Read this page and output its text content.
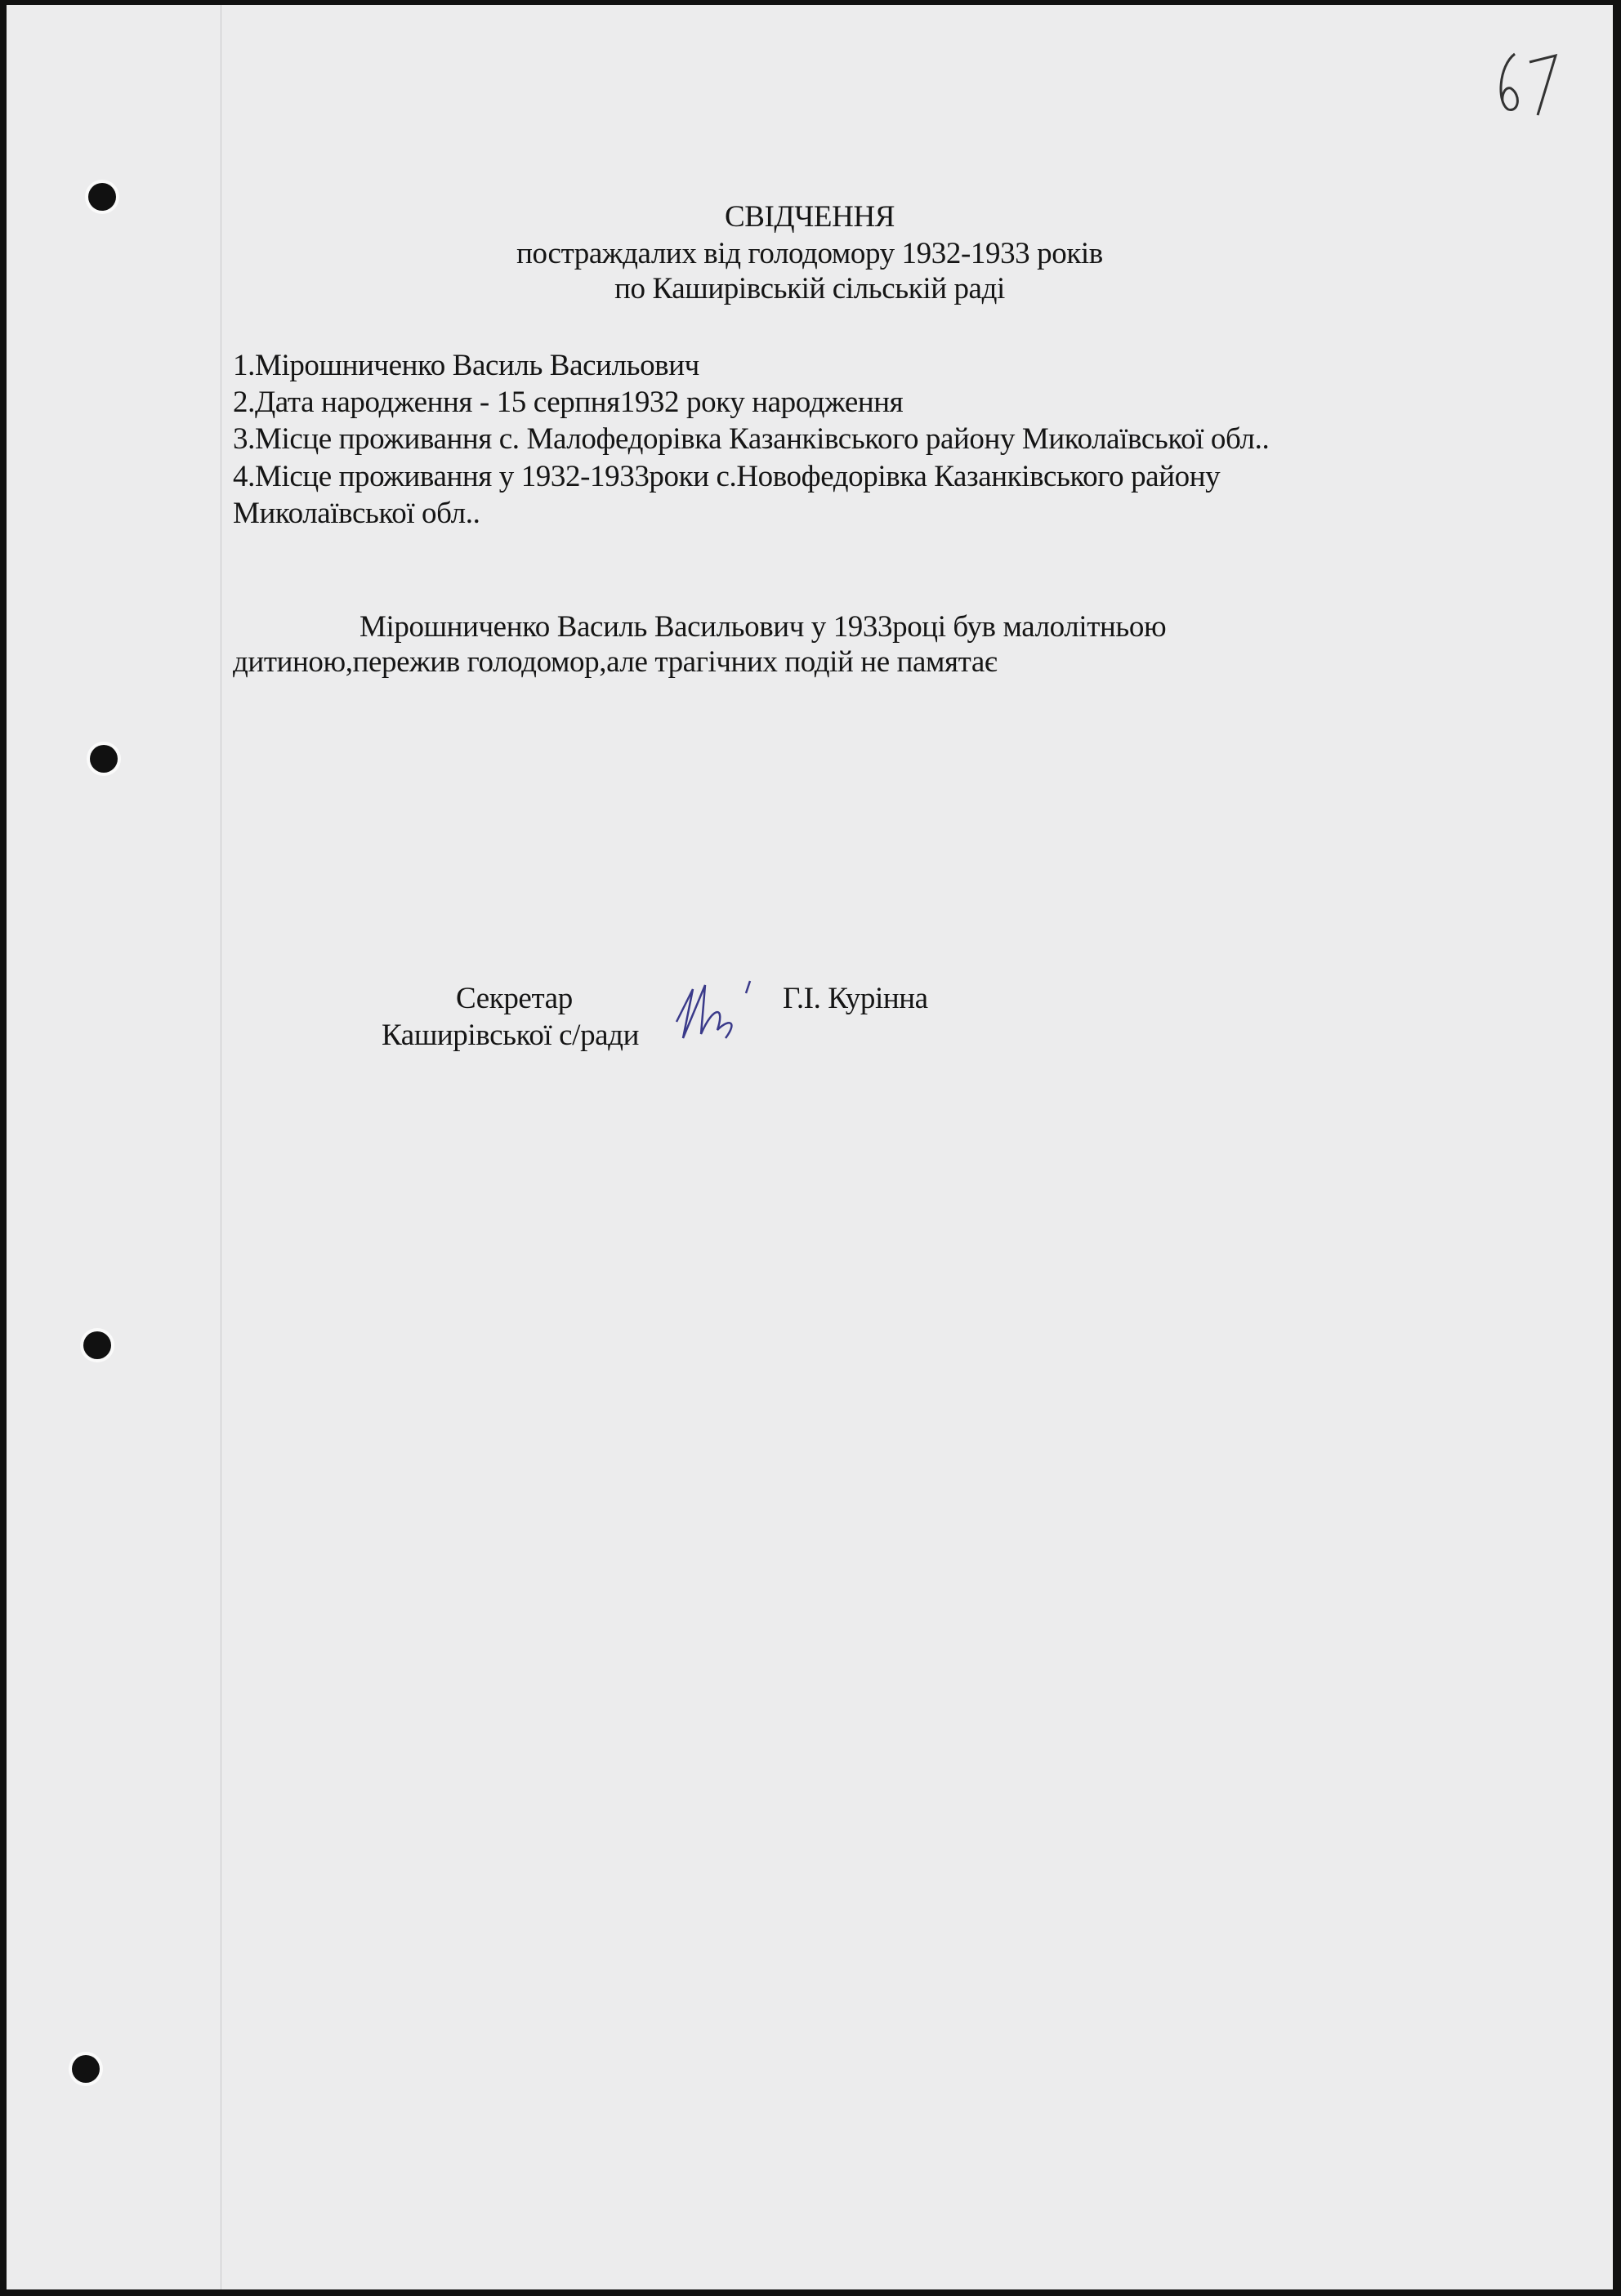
СВІДЧЕННЯ
постраждалих від голодомору 1932-1933 років
по Каширівській сільській раді
1.Мірошниченко Василь Васильович
2.Дата народження - 15 серпня1932 року народження
3.Місце проживання с. Малофедорівка Казанківського району Миколаївської обл..
4.Місце проживання у 1932-1933роки с.Новофедорівка Казанківського району
Миколаївської обл..
Мірошниченко Василь Васильович у 1933році був малолітньою
дитиною,пережив голодомор,але трагічних подій не памятає
Секретар
Каширівської с/ради
Г.І. Курінна
